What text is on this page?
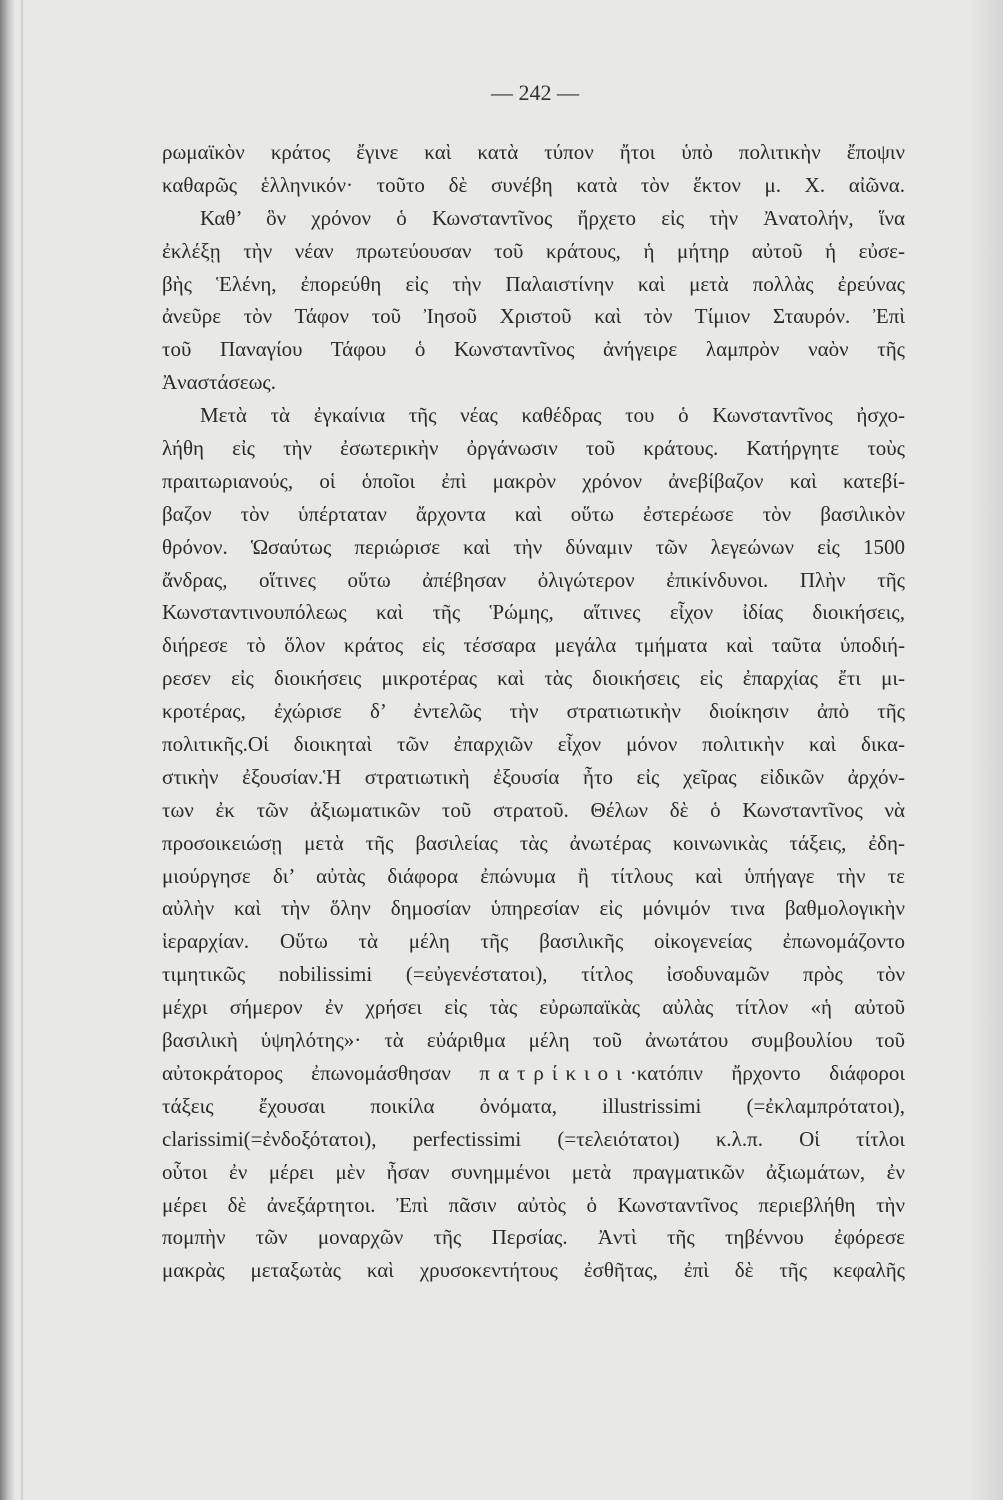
— 242 —
ρωμαϊκὸν κράτος ἔγινε καὶ κατὰ τύπον ἤτοι ὑπὸ πολιτικὴν ἔποψιν
καθαρῶς ἑλληνικόν· τοῦτο δὲ συνέβη κατὰ τὸν ἕκτον μ. Χ. αἰῶνα.
Καθ’ ὃν χρόνον ὁ Κωνσταντῖνος ἤρχετο εἰς τὴν Ἀνατολήν, ἵνα
ἐκλέξῃ τὴν νέαν πρωτεύουσαν τοῦ κράτους, ἡ μήτηρ αὐτοῦ ἡ εὐσε-
βὴς Ἑλένη, ἐπορεύθη εἰς τὴν Παλαιστίνην καὶ μετὰ πολλὰς ἐρεύνας
ἀνεῦρε τὸν Τάφον τοῦ Ἰησοῦ Χριστοῦ καὶ τὸν Τίμιον Σταυρόν. Ἐπὶ
τοῦ Παναγίου Τάφου ὁ Κωνσταντῖνος ἀνήγειρε λαμπρὸν ναὸν τῆς
Ἀναστάσεως.
Μετὰ τὰ ἐγκαίνια τῆς νέας καθέδρας του ὁ Κωνσταντῖνος ἠσχο-
λήθη εἰς τὴν ἐσωτερικὴν ὀργάνωσιν τοῦ κράτους. Κατήργητε τοὺς
πραιτωριανούς, οἱ ὁποῖοι ἐπὶ μακρὸν χρόνον ἀνεβίβαζον καὶ κατεβί-
βαζον τὸν ὑπέρταταν ἄρχοντα καὶ οὕτω ἐστερέωσε τὸν βασιλικὸν
θρόνον. Ὡσαύτως περιώρισε καὶ τὴν δύναμιν τῶν λεγεώνων εἰς 1500
ἄνδρας, οἵτινες οὕτω ἀπέβησαν ὀλιγώτερον ἐπικίνδυνοι. Πλὴν τῆς
Κωνσταντινουπόλεως καὶ τῆς Ῥώμης, αἵτινες εἶχον ἰδίας διοικήσεις,
διήρεσε τὸ ὅλον κράτος εἰς τέσσαρα μεγάλα τμήματα καὶ ταῦτα ὑποδιή-
ρεσεν εἰς διοικήσεις μικροτέρας καὶ τὰς διοικήσεις εἰς ἐπαρχίας ἔτι μι-
κροτέρας, ἐχώρισε δ’ ἐντελῶς τὴν στρατιωτικὴν διοίκησιν ἀπὸ τῆς
πολιτικῆς.Οἱ διοικηταὶ τῶν ἐπαρχιῶν εἶχον μόνον πολιτικὴν καὶ δικα-
στικὴν ἐξουσίαν.Ἡ στρατιωτικὴ ἐξουσία ἦτο εἰς χεῖρας εἰδικῶν ἀρχόν-
των ἐκ τῶν ἀξιωματικῶν τοῦ στρατοῦ. Θέλων δὲ ὁ Κωνσταντῖνος νὰ
προσοικειώσῃ μετὰ τῆς βασιλείας τὰς ἀνωτέρας κοινωνικὰς τάξεις, ἐδη-
μιούργησε δι’ αὐτὰς διάφορα ἐπώνυμα ἢ τίτλους καὶ ὑπήγαγε τὴν τε
αὐλὴν καὶ τὴν ὅλην δημοσίαν ὑπηρεσίαν εἰς μόνιμόν τινα βαθμολογικὴν
ἱεραρχίαν. Οὕτω τὰ μέλη τῆς βασιλικῆς οἰκογενείας ἐπωνομάζοντο
τιμητικῶς nobilissimi (=εὐγενέστατοι), τίτλος ἰσοδυναμῶν πρὸς τὸν
μέχρι σήμερον ἐν χρήσει εἰς τὰς εὐρωπαϊκὰς αὐλὰς τίτλον «ἡ αὐτοῦ
βασιλικὴ ὑψηλότης»· τὰ εὐάριθμα μέλη τοῦ ἀνωτάτου συμβουλίου τοῦ
αὐτοκράτορος ἐπωνομάσθησαν πατρίκιοι·κατόπιν ἤρχοντο διάφοροι
τάξεις ἔχουσαι ποικίλα ὀνόματα, illustrissimi (=ἐκλαμπρότατοι),
clarissimi(=ἐνδοξότατοι), perfectissimi (=τελειότατοι) κ.λ.π. Οἱ τίτλοι
οὗτοι ἐν μέρει μὲν ἦσαν συνημμένοι μετὰ πραγματικῶν ἀξιωμάτων, ἐν
μέρει δὲ ἀνεξάρτητοι. Ἐπὶ πᾶσιν αὐτὸς ὁ Κωνσταντῖνος περιεβλήθη τὴν
πομπὴν τῶν μοναρχῶν τῆς Περσίας. Ἀντὶ τῆς τηβέννου ἐφόρεσε
μακρὰς μεταξωτὰς καὶ χρυσοκεντήτους ἐσθῆτας, ἐπὶ δὲ τῆς κεφαλῆς
